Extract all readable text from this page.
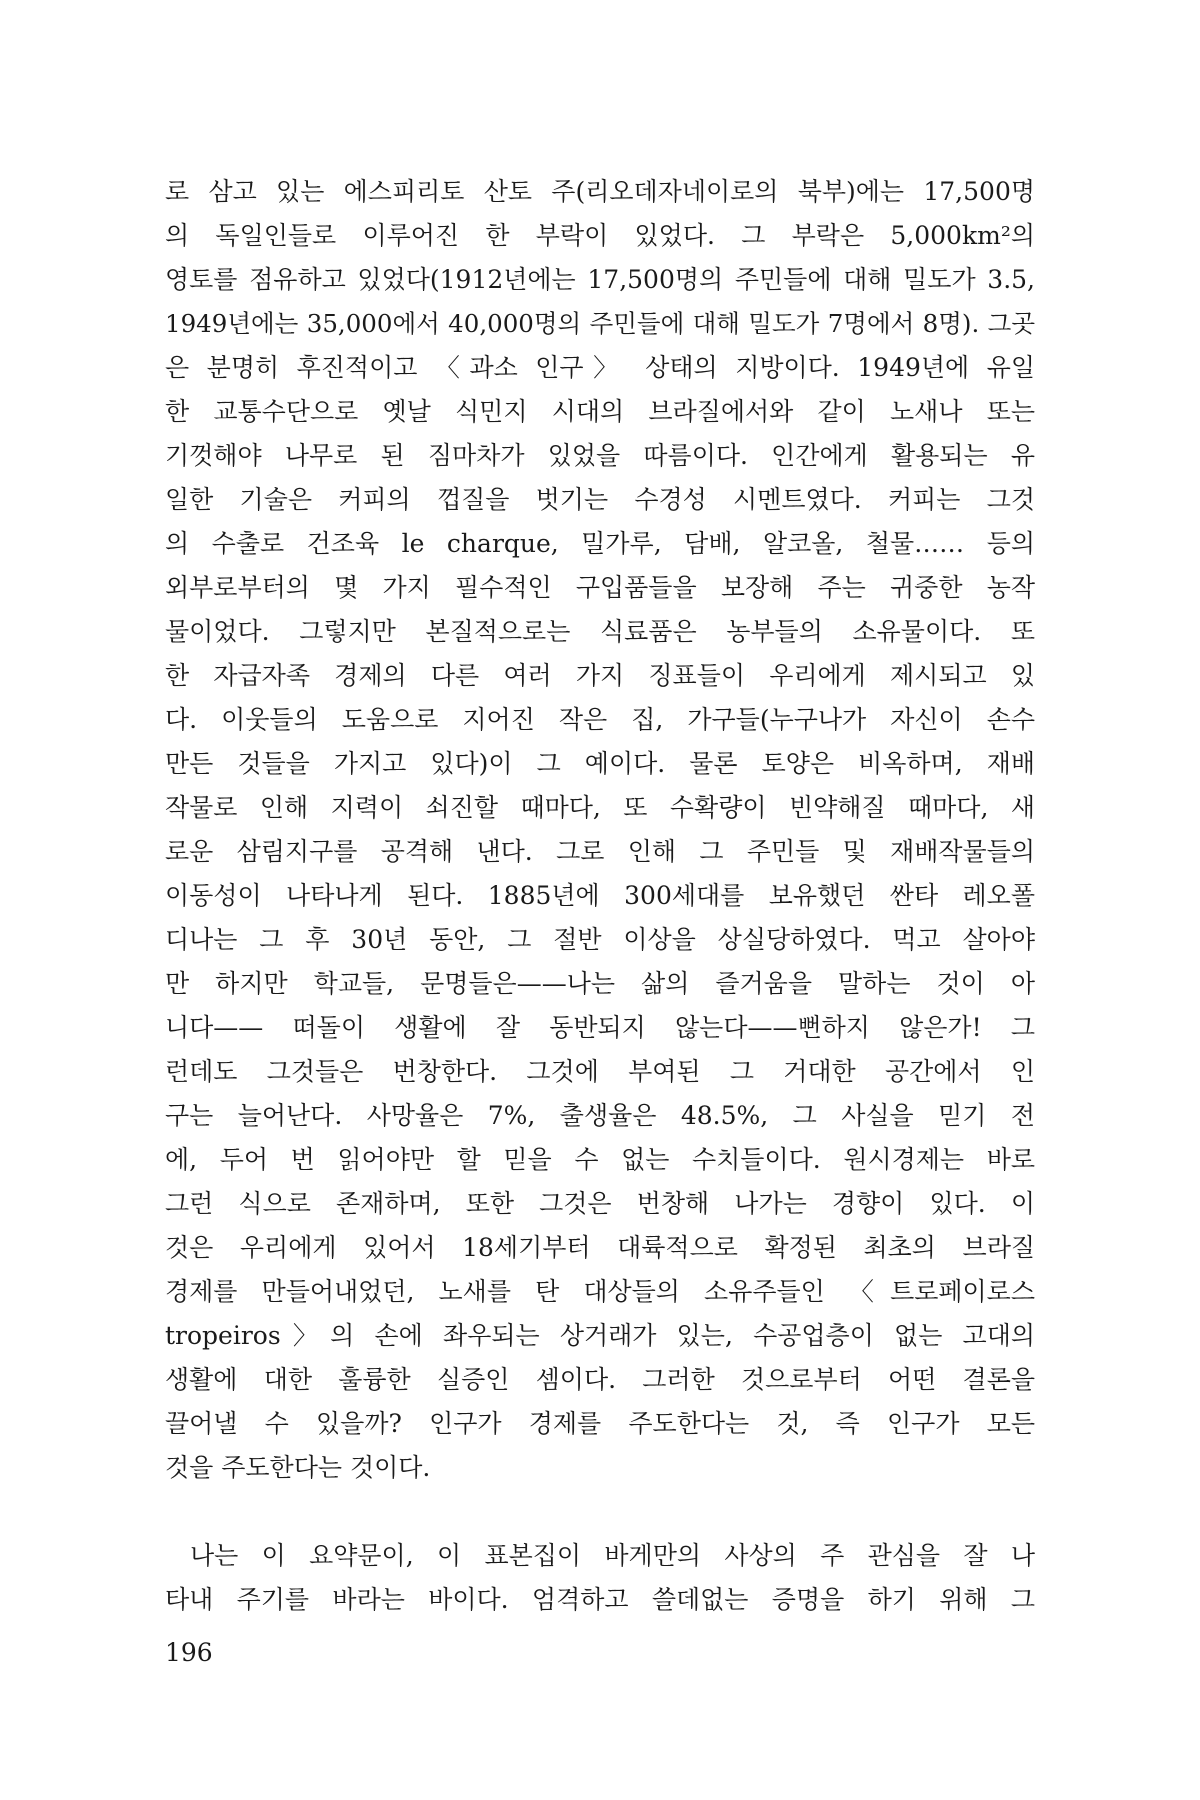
로 삼고 있는 에스피리토 산토 주(리오데자네이로의 북부)에는 17,500명

의 독일인들로 이루어진 한 부락이 있었다. 그 부락은 5,000km²의

영토를 점유하고 있었다(1912년에는 17,500명의 주민들에 대해 밀도가 3.5,

1949년에는 35,000에서 40,000명의 주민들에 대해 밀도가 7명에서 8명). 그곳

은 분명히 후진적이고 〈과소 인구〉 상태의 지방이다. 1949년에 유일

한 교통수단으로 옛날 식민지 시대의 브라질에서와 같이 노새나 또는

기껏해야 나무로 된 짐마차가 있었을 따름이다. 인간에게 활용되는 유

일한 기술은 커피의 껍질을 벗기는 수경성 시멘트였다. 커피는 그것

의 수출로 건조육 le charque, 밀가루, 담배, 알코올, 철물…… 등의

외부로부터의 몇 가지 필수적인 구입품들을 보장해 주는 귀중한 농작

물이었다. 그렇지만 본질적으로는 식료품은 농부들의 소유물이다. 또

한 자급자족 경제의 다른 여러 가지 징표들이 우리에게 제시되고 있

다. 이웃들의 도움으로 지어진 작은 집, 가구들(누구나가 자신이 손수

만든 것들을 가지고 있다)이 그 예이다. 물론 토양은 비옥하며, 재배

작물로 인해 지력이 쇠진할 때마다, 또 수확량이 빈약해질 때마다, 새

로운 삼림지구를 공격해 낸다. 그로 인해 그 주민들 및 재배작물들의

이동성이 나타나게 된다. 1885년에 300세대를 보유했던 싼타 레오폴

디나는 그 후 30년 동안, 그 절반 이상을 상실당하였다. 먹고 살아야

만 하지만 학교들, 문명들은——나는 삶의 즐거움을 말하는 것이 아

니다—— 떠돌이 생활에 잘 동반되지 않는다——뻔하지 않은가! 그

런데도 그것들은 번창한다. 그것에 부여된 그 거대한 공간에서 인

구는 늘어난다. 사망율은 7%, 출생율은 48.5%, 그 사실을 믿기 전

에, 두어 번 읽어야만 할 믿을 수 없는 수치들이다. 원시경제는 바로

그런 식으로 존재하며, 또한 그것은 번창해 나가는 경향이 있다. 이

것은 우리에게 있어서 18세기부터 대륙적으로 확정된 최초의 브라질

경제를 만들어내었던, 노새를 탄 대상들의 소유주들인 〈트로페이로스

tropeiros〉의 손에 좌우되는 상거래가 있는, 수공업층이 없는 고대의

생활에 대한 훌륭한 실증인 셈이다. 그러한 것으로부터 어떤 결론을

끌어낼 수 있을까? 인구가 경제를 주도한다는 것, 즉 인구가 모든

것을 주도한다는 것이다.

나는 이 요약문이, 이 표본집이 바게만의 사상의 주 관심을 잘 나

타내 주기를 바라는 바이다. 엄격하고 쓸데없는 증명을 하기 위해 그

196
